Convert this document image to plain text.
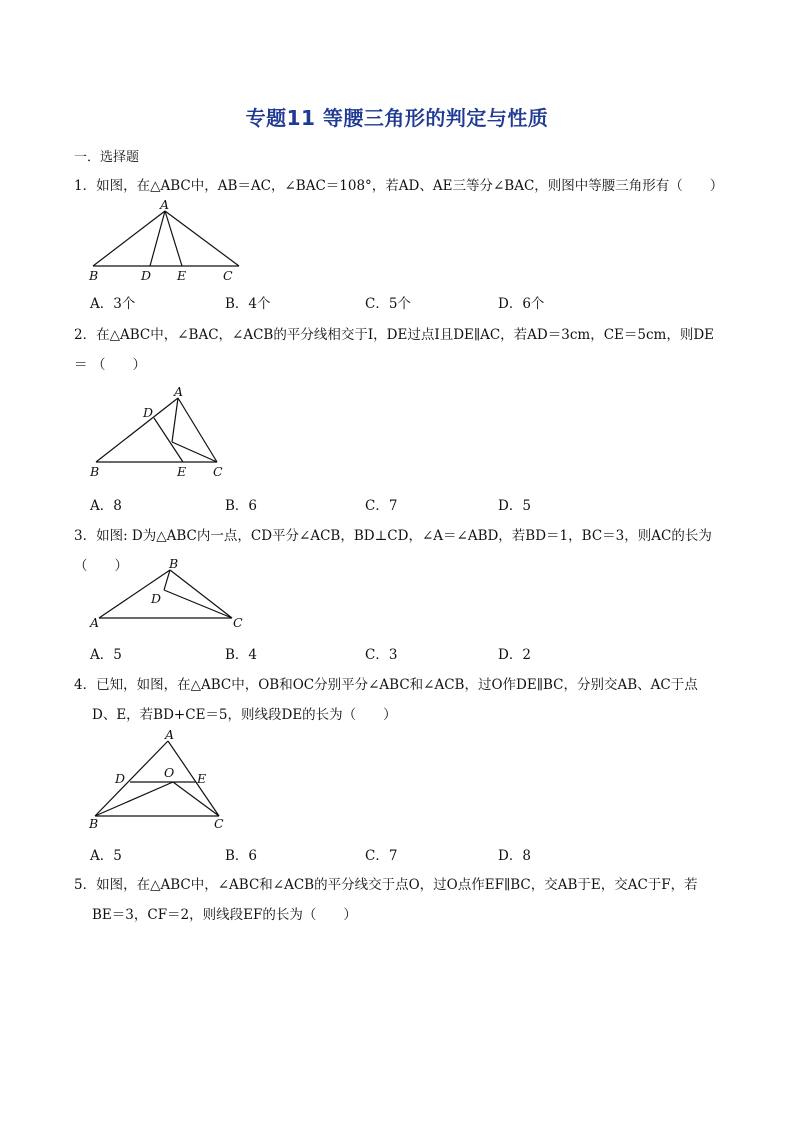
专题11 等腰三角形的判定与性质
一．选择题
1．如图，在△ABC中，AB＝AC，∠BAC＝108°，若AD、AE三等分∠BAC，则图中等腰三角形有（　　）
A
B	D E	C
A．3个	B．4个	C．5个	D．6个
2．在△ABC中，∠BAC，∠ACB的平分线相交于I，DE过点I且DE∥AC，若AD＝3cm，CE＝5cm，则DE＝ （　　）
A
D
B	E C
A．8	B．6	C．7	D．5
3．如图: D为△ABC内一点，CD平分∠ACB，BD⊥CD，∠A＝∠ABD，若BD＝1，BC＝3，则AC的长为（　　）	B
D
A	C
A．5	B．4	C．3	D．2
4．已知，如图，在△ABC中，OB和OC分别平分∠ABC和∠ACB，过O作DE∥BC，分别交AB、AC于点
D、E，若BD+CE＝5，则线段DE的长为（　　）
A
D	O E
B	C
A．5	B．6	C．7	D．8
5．如图，在△ABC中，∠ABC和∠ACB的平分线交于点O，过O点作EF∥BC，交AB于E，交AC于F，若
BE＝3，CF＝2，则线段EF的长为（　　）
